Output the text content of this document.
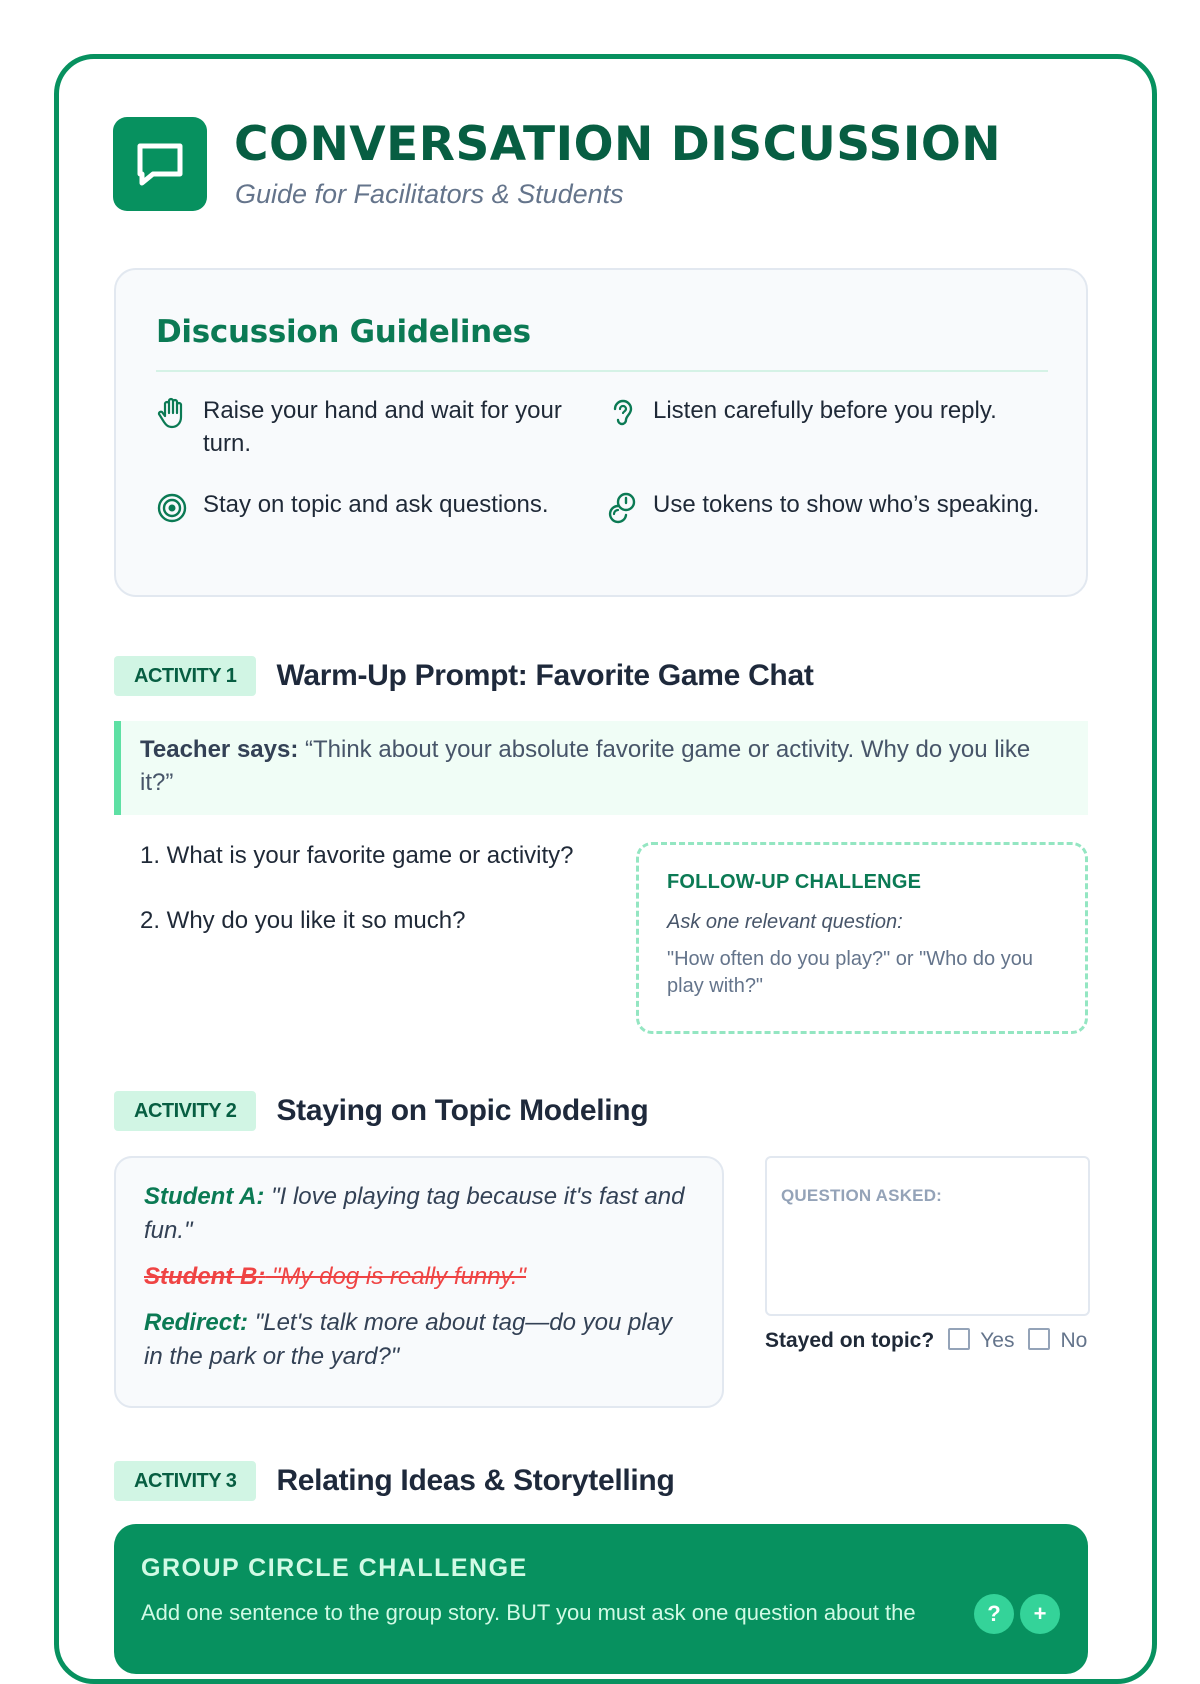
CONVERSATION DISCUSSION
Guide for Facilitators & Students
Discussion Guidelines
Raise your hand and wait for your turn.
Listen carefully before you reply.
Stay on topic and ask questions.	Use tokens to show who’s speaking.
ACTIVITY 1 Warm-Up Prompt: Favorite Game Chat
Teacher says: “Think about your absolute favorite game or activity. Why do you like it?”
1. What is your favorite game or activity?
2. Why do you like it so much?
FOLLOW-UP CHALLENGE
Ask one relevant question:
"How often do you play?" or "Who do you play with?"
ACTIVITY 2 Staying on Topic Modeling
Student A: "I love playing tag because it's fast and fun."
Student B: "My dog is really funny."
Redirect: "Let's talk more about tag—do you play in the park or the yard?"
QUESTION ASKED:
Stayed on topic? Yes No
ACTIVITY 3 Relating Ideas & Storytelling
GROUP CIRCLE CHALLENGE
Add one sentence to the group story. BUT you must ask one question about the	?	+
